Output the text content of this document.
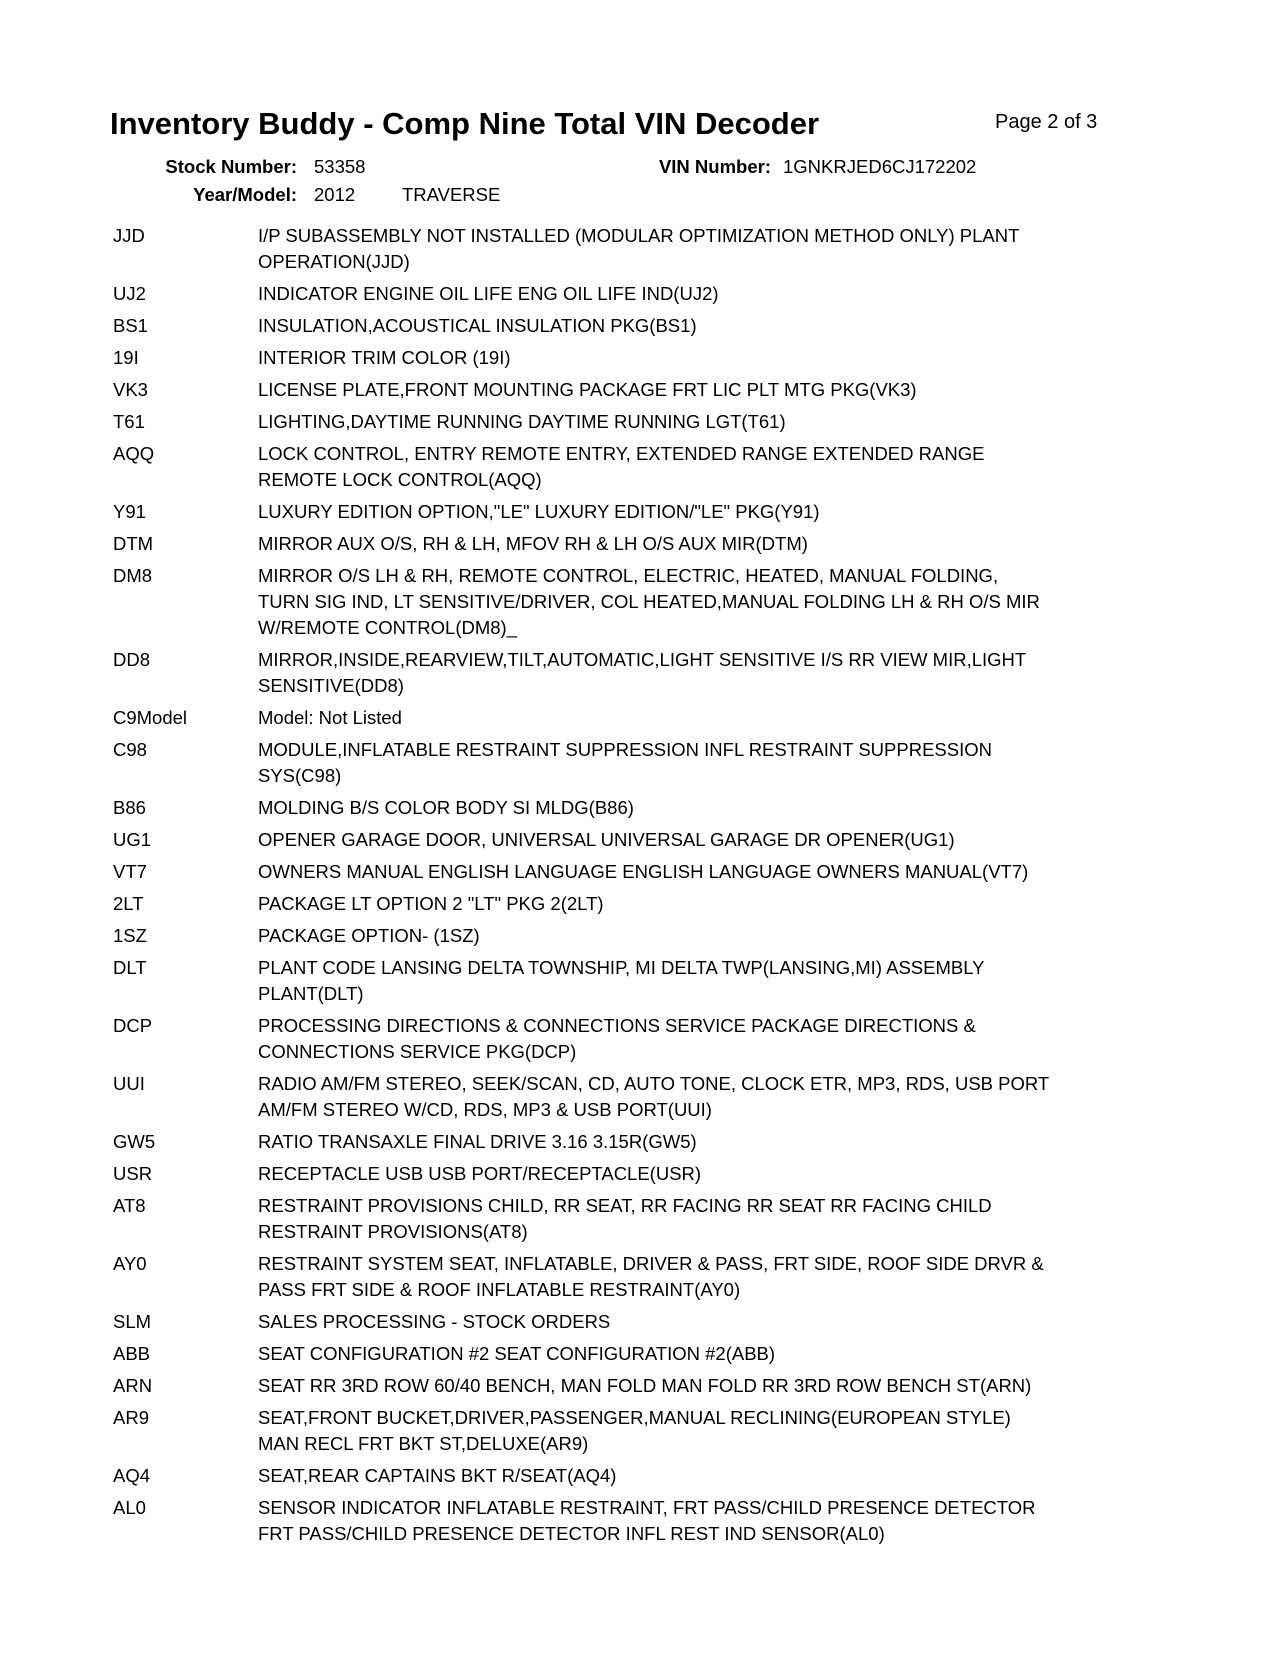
Inventory Buddy - Comp Nine Total VIN Decoder	Page 2 of 3
Stock Number: 53358	VIN Number: 1GNKRJED6CJ172202
Year/Model: 2012	TRAVERSE
JJD	I/P SUBASSEMBLY NOT INSTALLED (MODULAR OPTIMIZATION METHOD ONLY) PLANT
OPERATION(JJD)
UJ2	INDICATOR ENGINE OIL LIFE ENG OIL LIFE IND(UJ2)
BS1	INSULATION,ACOUSTICAL INSULATION PKG(BS1)
19I	INTERIOR TRIM COLOR (19I)
VK3	LICENSE PLATE,FRONT MOUNTING PACKAGE FRT LIC PLT MTG PKG(VK3)
T61	LIGHTING,DAYTIME RUNNING DAYTIME RUNNING LGT(T61)
AQQ	LOCK CONTROL, ENTRY REMOTE ENTRY, EXTENDED RANGE EXTENDED RANGE
REMOTE LOCK CONTROL(AQQ)
Y91	LUXURY EDITION OPTION,"LE" LUXURY EDITION/"LE" PKG(Y91)
DTM	MIRROR AUX O/S, RH & LH, MFOV RH & LH O/S AUX MIR(DTM)
DM8	MIRROR O/S LH & RH, REMOTE CONTROL, ELECTRIC, HEATED, MANUAL FOLDING,
TURN SIG IND, LT SENSITIVE/DRIVER, COL HEATED,MANUAL FOLDING LH & RH O/S MIR
W/REMOTE CONTROL(DM8)_
DD8	MIRROR,INSIDE,REARVIEW,TILT,AUTOMATIC,LIGHT SENSITIVE I/S RR VIEW MIR,LIGHT
SENSITIVE(DD8)
C9Model	Model: Not Listed
C98	MODULE,INFLATABLE RESTRAINT SUPPRESSION INFL RESTRAINT SUPPRESSION
SYS(C98)
B86	MOLDING B/S COLOR BODY SI MLDG(B86)
UG1	OPENER GARAGE DOOR, UNIVERSAL UNIVERSAL GARAGE DR OPENER(UG1)
VT7	OWNERS MANUAL ENGLISH LANGUAGE ENGLISH LANGUAGE OWNERS MANUAL(VT7)
2LT	PACKAGE LT OPTION 2 "LT" PKG 2(2LT)
1SZ	PACKAGE OPTION- (1SZ)
DLT	PLANT CODE LANSING DELTA TOWNSHIP, MI DELTA TWP(LANSING,MI) ASSEMBLY
PLANT(DLT)
DCP	PROCESSING DIRECTIONS & CONNECTIONS SERVICE PACKAGE DIRECTIONS &
CONNECTIONS SERVICE PKG(DCP)
UUI	RADIO AM/FM STEREO, SEEK/SCAN, CD, AUTO TONE, CLOCK ETR, MP3, RDS, USB PORT
AM/FM STEREO W/CD, RDS, MP3 & USB PORT(UUI)
GW5	RATIO TRANSAXLE FINAL DRIVE 3.16 3.15R(GW5)
USR	RECEPTACLE USB USB PORT/RECEPTACLE(USR)
AT8	RESTRAINT PROVISIONS CHILD, RR SEAT, RR FACING RR SEAT RR FACING CHILD
RESTRAINT PROVISIONS(AT8)
AY0	RESTRAINT SYSTEM SEAT, INFLATABLE, DRIVER & PASS, FRT SIDE, ROOF SIDE DRVR &
PASS FRT SIDE & ROOF INFLATABLE RESTRAINT(AY0)
SLM	SALES PROCESSING - STOCK ORDERS
ABB	SEAT CONFIGURATION #2 SEAT CONFIGURATION #2(ABB)
ARN	SEAT RR 3RD ROW 60/40 BENCH, MAN FOLD MAN FOLD RR 3RD ROW BENCH ST(ARN)
AR9	SEAT,FRONT BUCKET,DRIVER,PASSENGER,MANUAL RECLINING(EUROPEAN STYLE)
MAN RECL FRT BKT ST,DELUXE(AR9)
AQ4	SEAT,REAR CAPTAINS BKT R/SEAT(AQ4)
AL0	SENSOR INDICATOR INFLATABLE RESTRAINT, FRT PASS/CHILD PRESENCE DETECTOR
FRT PASS/CHILD PRESENCE DETECTOR INFL REST IND SENSOR(AL0)
